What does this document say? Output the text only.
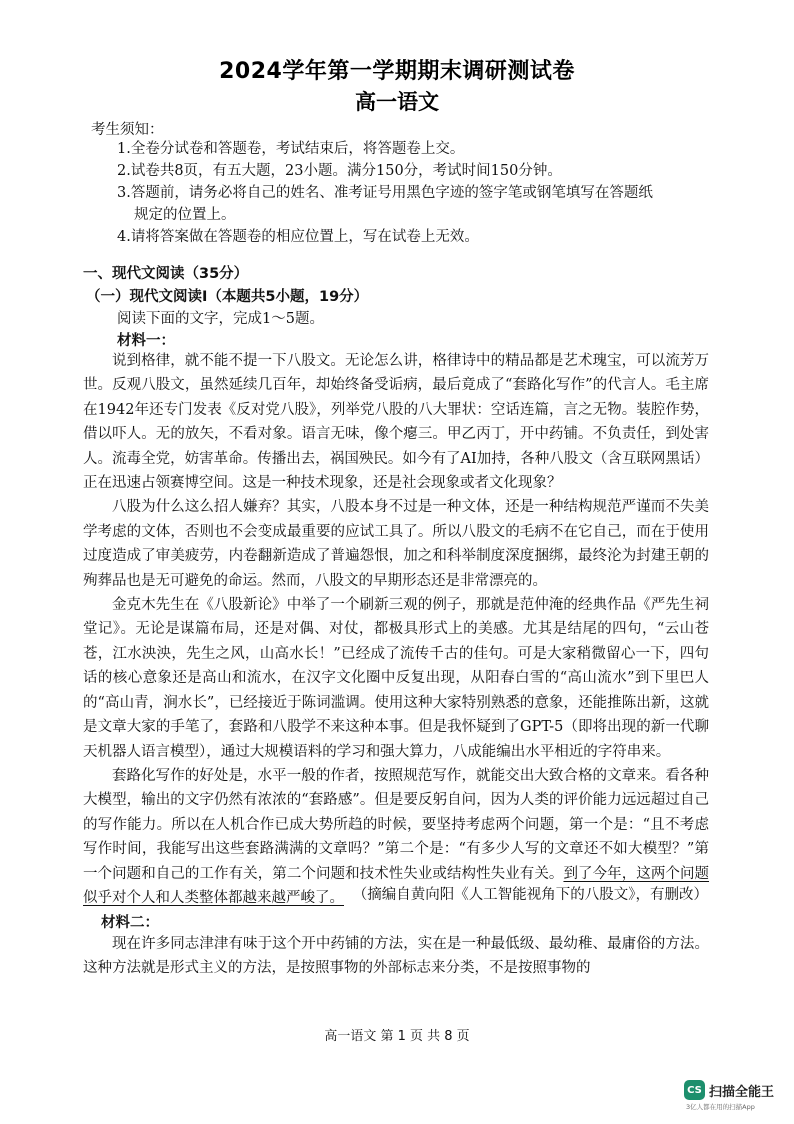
2024学年第一学期期末调研测试卷
高一语文
考生须知：
1.全卷分试卷和答题卷，考试结束后，将答题卷上交。
2.试卷共8页，有五大题，23小题。满分150分，考试时间150分钟。
3.答题前，请务必将自己的姓名、准考证号用黑色字迹的签字笔或钢笔填写在答题纸
规定的位置上。
4.请将答案做在答题卷的相应位置上，写在试卷上无效。
一、现代文阅读（35分）
（一）现代文阅读Ⅰ（本题共5小题，19分）
阅读下面的文字，完成1～5题。
材料一：

说到格律，就不能不提一下八股文。无论怎么讲，格律诗中的精品都是艺术瑰宝，可以流芳万世。反观八股文，虽然延续几百年，却始终备受诟病，最后竟成了“套路化写作”的代言人。毛主席在1942年还专门发表《反对党八股》，列举党八股的八大罪状：空话连篇，言之无物。装腔作势，借以吓人。无的放矢，不看对象。语言无味，像个瘪三。甲乙丙丁，开中药铺。不负责任，到处害人。流毒全党，妨害革命。传播出去，祸国殃民。如今有了AI加持，各种八股文（含互联网黑话）正在迅速占领赛博空间。这是一种技术现象，还是社会现象或者文化现象？

八股为什么这么招人嫌弃？其实，八股本身不过是一种文体，还是一种结构规范严谨而不失美学考虑的文体，否则也不会变成最重要的应试工具了。所以八股文的毛病不在它自己，而在于使用过度造成了审美疲劳，内卷翻新造成了普遍怨恨，加之和科举制度深度捆绑，最终沦为封建王朝的殉葬品也是无可避免的命运。然而，八股文的早期形态还是非常漂亮的。

金克木先生在《八股新论》中举了一个刷新三观的例子，那就是范仲淹的经典作品《严先生祠堂记》。无论是谋篇布局，还是对偶、对仗，都极具形式上的美感。尤其是结尾的四句，“云山苍苍，江水泱泱，先生之风，山高水长！”已经成了流传千古的佳句。可是大家稍微留心一下，四句话的核心意象还是高山和流水，在汉字文化圈中反复出现，从阳春白雪的“高山流水”到下里巴人的“高山青，涧水长”，已经接近于陈词滥调。使用这种大家特别熟悉的意象，还能推陈出新，这就是文章大家的手笔了，套路和八股学不来这种本事。但是我怀疑到了GPT-5（即将出现的新一代聊天机器人语言模型），通过大规模语料的学习和强大算力，八成能编出水平相近的字符串来。

套路化写作的好处是，水平一般的作者，按照规范写作，就能交出大致合格的文章来。看各种大模型，输出的文字仍然有浓浓的“套路感”。但是要反躬自问，因为人类的评价能力远远超过自己的写作能力。所以在人机合作已成大势所趋的时候，要坚持考虑两个问题，第一个是：“且不考虑写作时间，我能写出这些套路满满的文章吗？”第二个是：“有多少人写的文章还不如大模型？”第一个问题和自己的工作有关，第二个问题和技术性失业或结构性失业有关。到了今年，这两个问题似乎对个人和人类整体都越来越严峻了。 （摘编自黄向阳《人工智能视角下的八股文》，有删改）
材料二：

现在许多同志津津有味于这个开中药铺的方法，实在是一种最低级、最幼稚、最庸俗的方法。这种方法就是形式主义的方法，是按照事物的外部标志来分类，不是按照事物的

高一语文 第 1 页 共 8 页
CS 扫描全能王
3亿人都在用的扫描App
